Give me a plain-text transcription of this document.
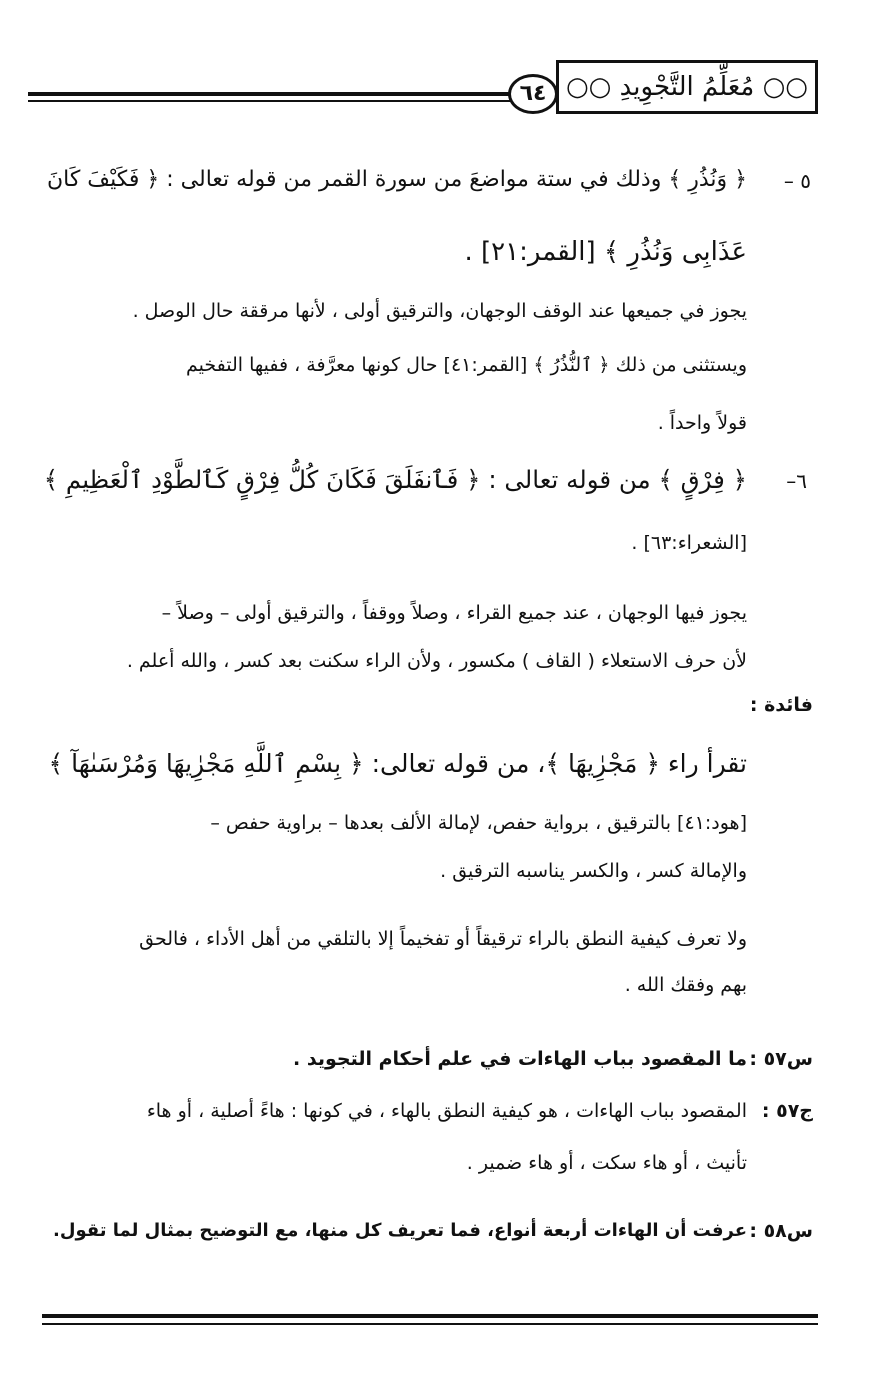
○○ مُعَلِّمُ التَّجْوِيدِ ○○
٦٤
٥ –
﴿ وَنُذُرِ ﴾ وذلك في ستة مواضعَ من سورة القمر من قوله تعالى : ﴿ فَكَيْفَ كَانَ
عَذَابِى وَنُذُرِ ﴾ [القمر:٢١] .
يجوز في جميعها عند الوقف الوجهان، والترقيق أولى ، لأنها مرققة حال الوصل .
ويستثنى من ذلك ﴿ ٱلنُّذُرُ ﴾ [القمر:٤١] حال كونها معرَّفة ، ففيها التفخيم
قولاً واحداً .
٦–
﴿ فِرْقٍ ﴾ من قوله تعالى : ﴿ فَٱنفَلَقَ فَكَانَ كُلُّ فِرْقٍ كَٱلطَّوْدِ ٱلْعَظِيمِ ﴾
[الشعراء:٦٣] .
يجوز فيها الوجهان ، عند جميع القراء ، وصلاً ووقفاً ، والترقيق أولى – وصلاً –
لأن حرف الاستعلاء ( القاف ) مكسور ، ولأن الراء سكنت بعد كسر ، والله أعلم .
فائدة :
تقرأ راء ﴿ مَجْرِٰيهَا ﴾، من قوله تعالى: ﴿ بِسْمِ ٱللَّهِ مَجْرِٰيهَا وَمُرْسَىٰهَآ ﴾
[هود:٤١] بالترقيق ، برواية حفص، لإمالة الألف بعدها – براوية حفص –
والإمالة كسر ، والكسر يناسبه الترقيق .
ولا تعرف كيفية النطق بالراء ترقيقاً أو تفخيماً إلا بالتلقي من أهل الأداء ، فالحق
بهم وفقك الله .
س٥٧ :
ما المقصود بباب الهاءات في علم أحكام التجويد .
ج٥٧ :
المقصود بباب الهاءات ، هو كيفية النطق بالهاء ، في كونها : هاءً أصلية ، أو هاء
تأنيث ، أو هاء سكت ، أو هاء ضمير .
س٥٨ :
عرفت أن الهاءات أربعة أنواع، فما تعريف كل منها، مع التوضيح بمثال لما تقول.
